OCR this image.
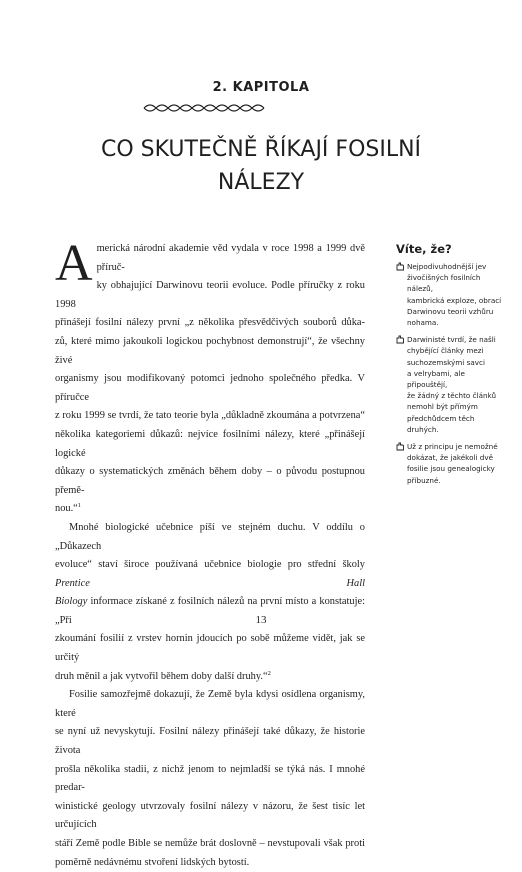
2. KAPITOLA
CO SKUTEČNĚ ŘÍKAJÍ FOSILNÍ
NÁLEZY

A merická národní akademie věd vydala v roce 1998 a 1999 dvě příruč-
ky obhajující Darwinovu teorii evoluce. Podle příručky z roku 1998
přinášejí fosilní nálezy první „z několika přesvědčivých souborů důka-
zů, které mimo jakoukoli logickou pochybnost demonstrují“, že všechny živé
organismy jsou modifikovaný potomci jednoho společného předka. V příručce
z roku 1999 se tvrdí, že tato teorie byla „důkladně zkoumána a potvrzena“
několika kategoriemi důkazů: nejvíce fosilními nálezy, které „přinášejí logické
důkazy o systematických změnách během doby – o původu postupnou přemě-
nou.“$^1$

Mnohé biologické učebnice píší ve stejném duchu. V oddílu o „Důkazech
evoluce“ staví široce používaná učebnice biologie pro střední školy Prentice Hall
Biology informace získané z fosilních nálezů na první místo a konstatuje: „Při
zkoumání fosilií z vrstev hornin jdoucích po sobě můžeme vidět, jak se určitý
druh měnil a jak vytvořil během doby další druhy.“$^2$

Fosilie samozřejmě dokazují, že Země byla kdysi osídlena organismy, které
se nyní už nevyskytují. Fosilní nálezy přinášejí také důkazy, že historie života
prošla několika stadii, z nichž jenom to nejmladší se týká nás. I mnohé predar-
winistické geology utvrzovaly fosilní nálezy v názoru, že šest tisíc let určujících
stáří Země podle Bible se nemůže brát doslovně – nevstupovali však proti
poměrně nedávnému stvoření lidských bytostí.

Víte, že?
Nejpodivuhodnější jev
živočišných fosilních nálezů,
kambrická exploze, obrací
Darwinovu teorii vzhůru
nohama.
Darwinisté tvrdí, že našli
chybějící články mezi
suchozemskými savci
a velrybami, ale připouštějí,
že žádný z těchto článků
nemohl být přímým
předchůdcem těch druhých.
Už z principu je nemožné
dokázat, že jakékoli dvě
fosilie jsou genealogicky
příbuzné.
13
